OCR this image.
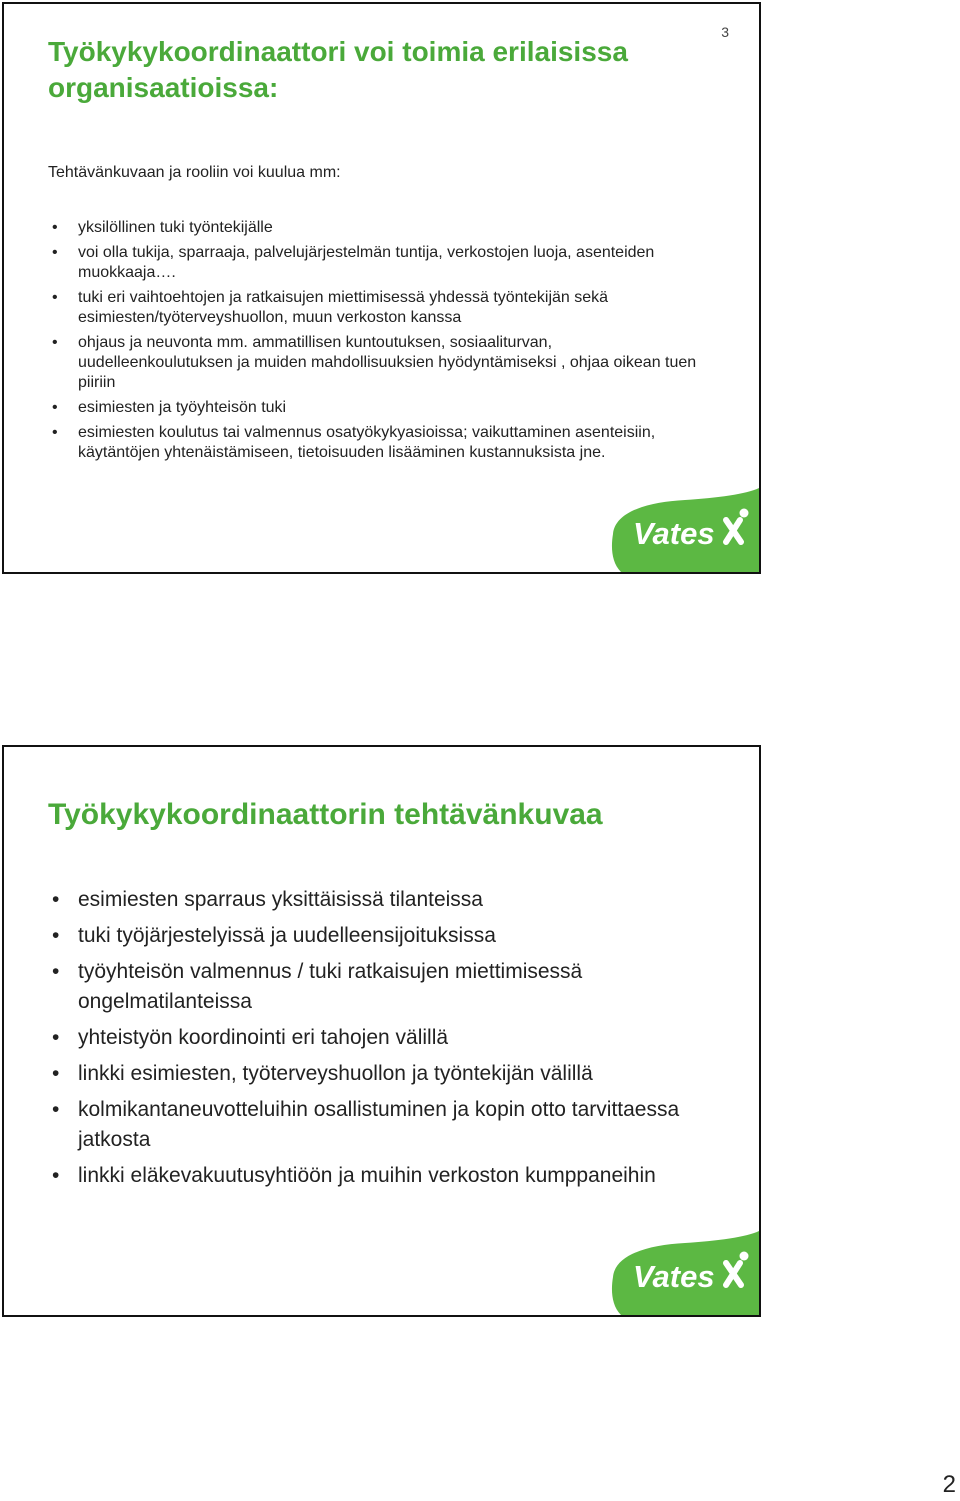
3
Työkykykoordinaattori voi toimia erilaisissa organisaatioissa:
Tehtävänkuvaan ja rooliin voi kuulua mm:
• yksilöllinen tuki työntekijälle
• voi olla tukija, sparraaja, palvelujärjestelmän tuntija, verkostojen luoja, asenteiden muokkaaja….
• tuki eri vaihtoehtojen ja ratkaisujen miettimisessä yhdessä työntekijän sekä esimiesten/työterveyshuollon, muun verkoston kanssa
• ohjaus ja neuvonta mm. ammatillisen kuntoutuksen, sosiaaliturvan, uudelleenkoulutuksen ja muiden mahdollisuuksien hyödyntämiseksi , ohjaa oikean tuen piiriin
• esimiesten ja työyhteisön tuki
• esimiesten koulutus tai valmennus osatyökykyasioissa; vaikuttaminen asenteisiin, käytäntöjen yhtenäistämiseen, tietoisuuden lisääminen kustannuksista jne.
Vates
Työkykykoordinaattorin tehtävänkuvaa
• esimiesten sparraus yksittäisissä tilanteissa
• tuki työjärjestelyissä ja uudelleensijoituksissa
• työyhteisön valmennus / tuki ratkaisujen miettimisessä ongelmatilanteissa
• yhteistyön koordinointi eri tahojen välillä
• linkki esimiesten, työterveyshuollon ja työntekijän välillä
• kolmikantaneuvotteluihin osallistuminen ja kopin otto tarvittaessa jatkosta
• linkki eläkevakuutusyhtiöön ja muihin verkoston kumppaneihin
Vates
2
